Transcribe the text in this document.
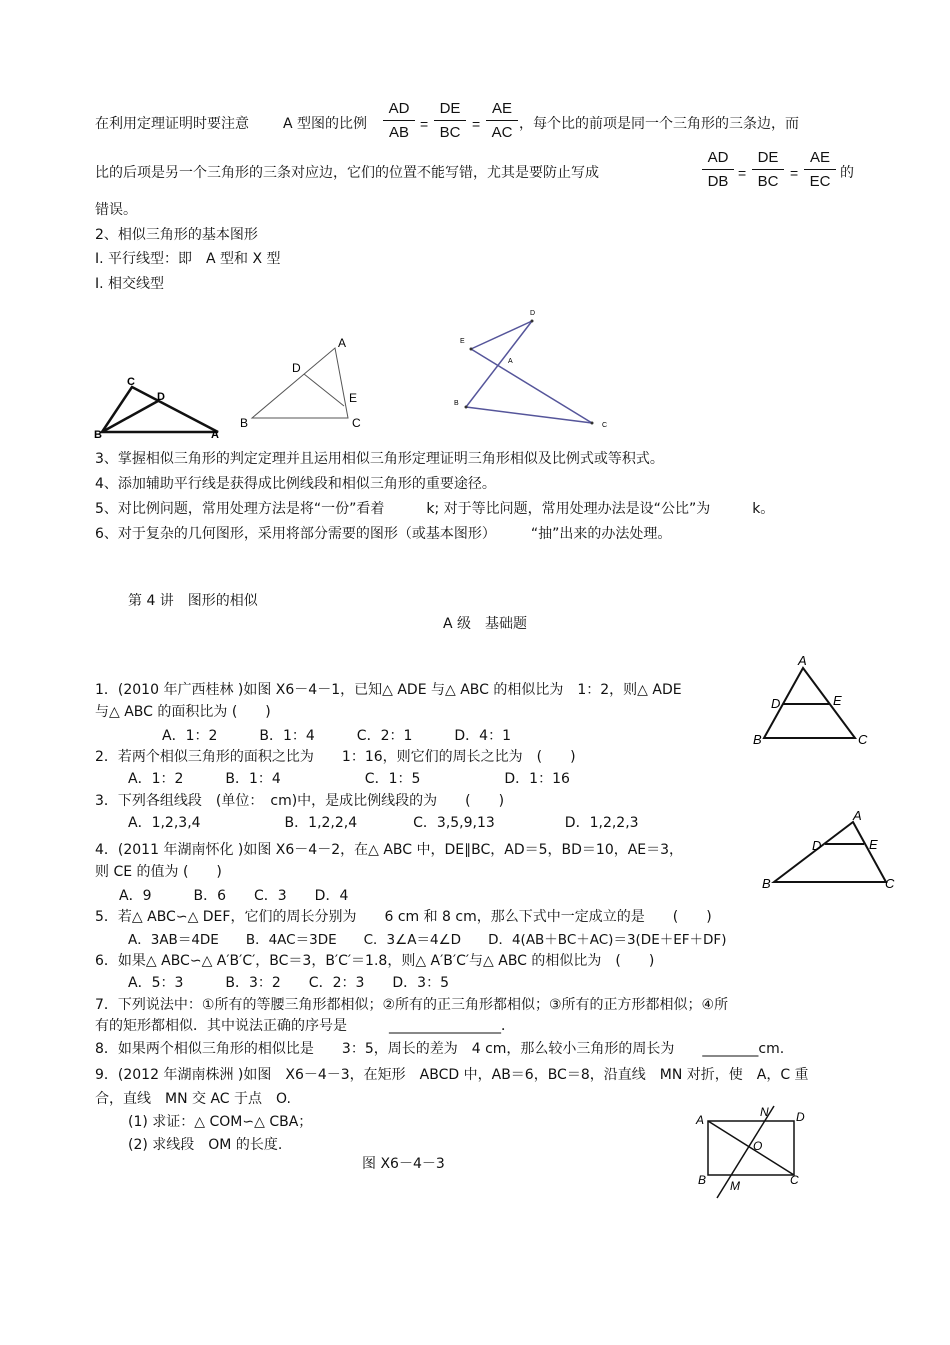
在利用定理证明时要注意 A 型图的比例
AD
AB =
DE
BC =
AE
AC ，每个比的前项是同一个三角形的三条边，而
比的后项是另一个三角形的三条对应边，它们的位置不能写错，尤其是要防止写成
AD
DB =
DE
BC =
AE
EC 的
错误。
2、相似三角形的基本图形
Ⅰ. 平行线型：即　A 型和 X 型
Ⅰ. 相交线型
C
D
B	A
A
D
E
B	C
D
E
A
B
C
3、掌握相似三角形的判定定理并且运用相似三角形定理证明三角形相似及比例式或等积式。
4、添加辅助平行线是获得成比例线段和相似三角形的重要途径。
5、对比例问题，常用处理方法是将“一份”看着　　　k; 对于等比问题，常用处理办法是设“公比”为　　　k。
6、对于复杂的几何图形，采用将部分需要的图形（或基本图形）　　　“抽”出来的办法处理。
第 4 讲　图形的相似
A 级　基础题
1．(2010 年广西桂林 )如图 X6－4－1，已知△ ADE 与△ ABC 的相似比为　1：2，则△ ADE
与△ ABC 的面积比为 (　　)
A．1：2　　　B．1：4　　　C．2：1　　　D．4：1
2．若两个相似三角形的面积之比为　　1：16，则它们的周长之比为　(　　)
A．1：2　　　B．1：4　　　　　　C．1：5　　　　　　D．1：16
3．下列各组线段　(单位：　cm)中，是成比例线段的为　　(　　)
A．1,2,3,4　　　　　　B．1,2,2,4　　　　C．3,5,9,13　　　　　D．1,2,2,3
4．(2011 年湖南怀化 )如图 X6－4－2，在△ ABC 中，DE∥BC，AD＝5，BD＝10，AE＝3，
则 CE 的值为 (　　)
A．9　　　B．6　　C．3　　D．4
5．若△ ABC∽△ DEF，它们的周长分别为　　6 cm 和 8 cm，那么下式中一定成立的是　　(　　)
A．3AB＝4DE　　B．4AC＝3DE　　C．3∠A＝4∠D　　D．4(AB＋BC＋AC)＝3(DE＋EF＋DF)
6．如果△ ABC∽△ A′B′C′，BC＝3，B′C′＝1.8，则△ A′B′C′与△ ABC 的相似比为　(　　)
A．5：3　　　B．3：2　　C．2：3　　D．3：5
7．下列说法中：①所有的等腰三角形都相似；②所有的正三角形都相似；③所有的正方形都相似；④所
有的矩形都相似．其中说法正确的序号是　　　________________．
8．如果两个相似三角形的相似比是　　3：5，周长的差为　4 cm，那么较小三角形的周长为　　________cm.
9．(2012 年湖南株洲 )如图　X6－4－3，在矩形　ABCD 中，AB＝6，BC＝8，沿直线　MN 对折，使　A，C 重
合，直线　MN 交 AC 于点　O.
(1) 求证：△ COM∽△ CBA；
(2) 求线段　OM 的长度.
图 X6－4－3
A
D	E
B	C
A
D	E
B	C
A
N D
O
B M	C
